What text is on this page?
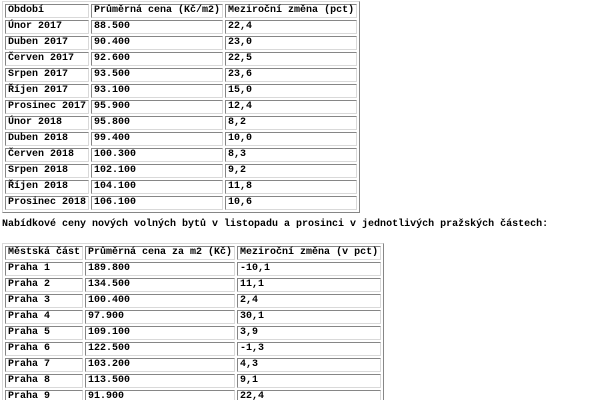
Období	Průměrná cena (Kč/m2)	Meziroční změna (pct)
Únor 2017	88.500	22,4
Duben 2017	90.400	23,0
Červen 2017	92.600	22,5
Srpen 2017	93.500	23,6
Říjen 2017	93.100	15,0
Prosinec 2017	95.900	12,4
Únor 2018	95.800	8,2
Duben 2018	99.400	10,0
Červen 2018	100.300	8,3
Srpen 2018	102.100	9,2
Říjen 2018	104.100	11,8
Prosinec 2018	106.100	10,6

Nabídkové ceny nových volných bytů v listopadu a prosinci v jednotlivých pražských částech:

Městská část	Průměrná cena za m2 (Kč)	Meziroční změna (v pct)
Praha 1	189.800	-10,1
Praha 2	134.500	11,1
Praha 3	100.400	2,4
Praha 4	97.900	30,1
Praha 5	109.100	3,9
Praha 6	122.500	-1,3
Praha 7	103.200	4,3
Praha 8	113.500	9,1
Praha 9	91.900	22,4
